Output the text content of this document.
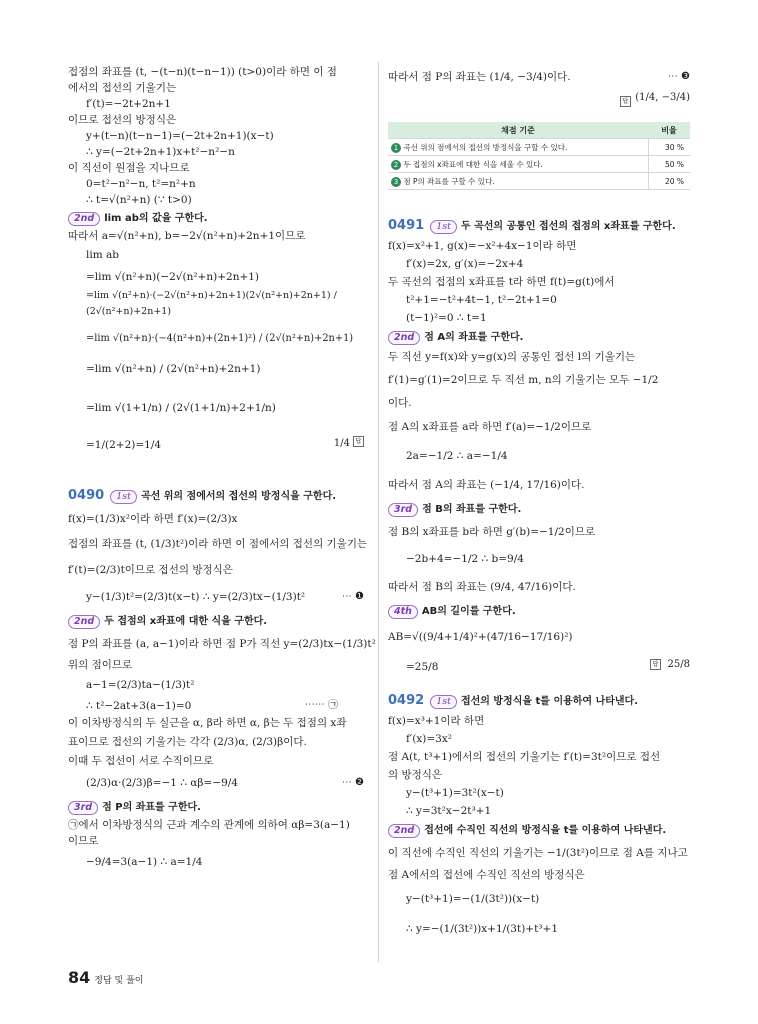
접점의 좌표를 (t, −(t−n)(t−n−1)) (t>0)이라 하면 이 점
에서의 접선의 기울기는
f′(t)=−2t+2n+1
이므로 접선의 방정식은
y+(t−n)(t−n−1)=(−2t+2n+1)(x−t)
∴ y=(−2t+2n+1)x+t²−n²−n
이 직선이 원점을 지나므로
0=t²−n²−n, t²=n²+n
∴ t=√(n²+n) (∵ t>0)
2nd lim ab의 값을 구한다.
따라서 a=√(n²+n), b=−2√(n²+n)+2n+1이므로
lim ab
=lim √(n²+n)(−2√(n²+n)+2n+1)
=lim √(n²+n)·(−2√(n²+n)+2n+1)(2√(n²+n)+2n+1) / (2√(n²+n)+2n+1)
=lim √(n²+n)·(−4(n²+n)+(2n+1)²) / (2√(n²+n)+2n+1)
=lim √(n²+n) / (2√(n²+n)+2n+1)
=lim √(1+1/n) / (2√(1+1/n)+2+1/n)
=1/(2+2)=1/4	답
1/4
0490 1st 곡선 위의 점에서의 접선의 방정식을 구한다.
f(x)=(1/3)x²이라 하면 f′(x)=(2/3)x
접점의 좌표를 (t, (1/3)t²)이라 하면 이 점에서의 접선의 기울기는
f′(t)=(2/3)t이므로 접선의 방정식은
y−(1/3)t²=(2/3)t(x−t) ∴ y=(2/3)tx−(1/3)t²	⋯ ❶
2nd 두 접점의 x좌표에 대한 식을 구한다.
점 P의 좌표를 (a, a−1)이라 하면 점 P가 직선 y=(2/3)tx−(1/3)t²
위의 점이므로
a−1=(2/3)ta−(1/3)t²
∴ t²−2at+3(a−1)=0	⋯⋯ ㉠
이 이차방정식의 두 실근을 α, β라 하면 α, β는 두 접점의 x좌
표이므로 접선의 기울기는 각각 (2/3)α, (2/3)β이다.
이때 두 접선이 서로 수직이므로
(2/3)α·(2/3)β=−1 ∴ αβ=−9/4	⋯ ❷
3rd 점 P의 좌표를 구한다.
㉠에서 이차방정식의 근과 계수의 관계에 의하여 αβ=3(a−1)
이므로
−9/4=3(a−1) ∴ a=1/4
따라서 점 P의 좌표는 (1/4, −3/4)이다.	⋯ ❸
답 (1/4, −3/4)
채점 기준	비율
1 곡선 위의 점에서의 접선의 방정식을 구할 수 있다.	30 %
2 두 접점의 x좌표에 대한 식을 세울 수 있다.	50 %
3 점 P의 좌표를 구할 수 있다.	20 %
0491 1st 두 곡선의 공통인 접선의 접점의 x좌표를 구한다.
f(x)=x²+1, g(x)=−x²+4x−1이라 하면
f′(x)=2x, g′(x)=−2x+4
두 곡선의 접점의 x좌표를 t라 하면 f(t)=g(t)에서
t²+1=−t²+4t−1, t²−2t+1=0
(t−1)²=0 ∴ t=1
2nd 점 A의 좌표를 구한다.
두 직선 y=f(x)와 y=g(x)의 공통인 접선 l의 기울기는
f′(1)=g′(1)=2이므로 두 직선 m, n의 기울기는 모두 −1/2
이다.
점 A의 x좌표를 a라 하면 f′(a)=−1/2이므로
2a=−1/2 ∴ a=−1/4
따라서 점 A의 좌표는 (−1/4, 17/16)이다.
3rd 점 B의 좌표를 구한다.
점 B의 x좌표를 b라 하면 g′(b)=−1/2이므로
−2b+4=−1/2 ∴ b=9/4
따라서 점 B의 좌표는 (9/4, 47/16)이다.
4th AB의 길이를 구한다.
AB=√((9/4+1/4)²+(47/16−17/16)²)
=25/8	답 25/8
0492 1st 접선의 방정식을 t를 이용하여 나타낸다.
f(x)=x³+1이라 하면
f′(x)=3x²
점 A(t, t³+1)에서의 접선의 기울기는 f′(t)=3t²이므로 접선
의 방정식은
y−(t³+1)=3t²(x−t)
∴ y=3t²x−2t³+1
2nd 접선에 수직인 직선의 방정식을 t를 이용하여 나타낸다.
이 직선에 수직인 직선의 기울기는 −1/(3t²)이므로 점 A를 지나고
점 A에서의 접선에 수직인 직선의 방정식은
y−(t³+1)=−(1/(3t²))(x−t)
∴ y=−(1/(3t²))x+1/(3t)+t³+1
84 정답 및 풀이
